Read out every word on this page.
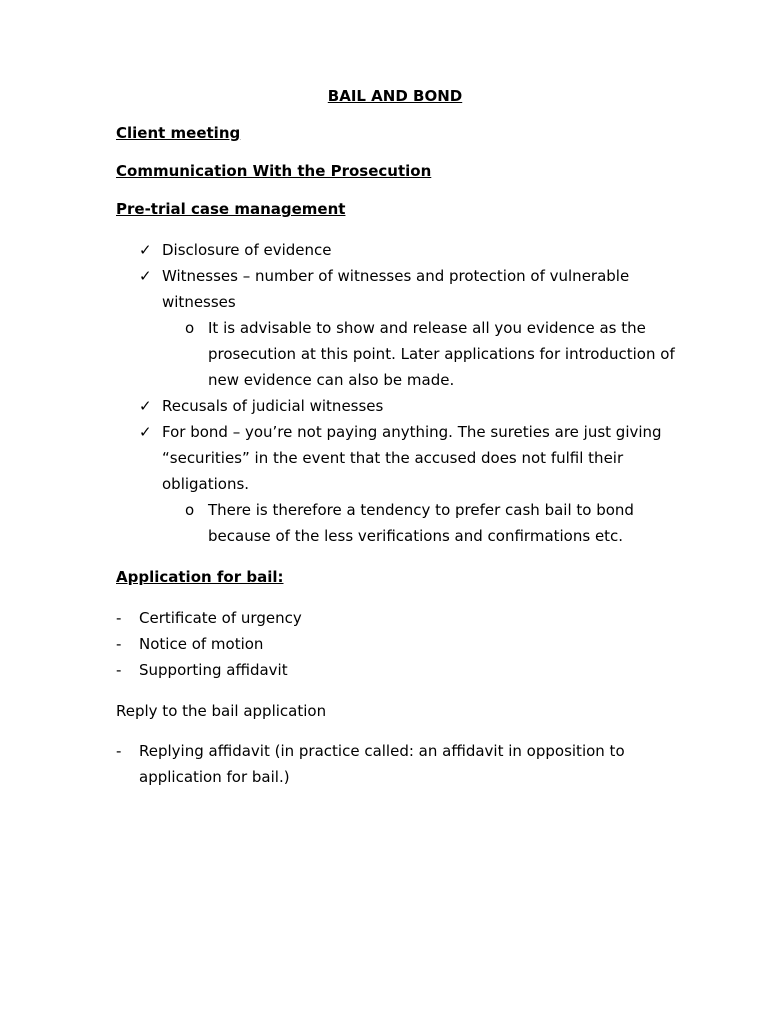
BAIL AND BOND
Client meeting
Communication With the Prosecution
Pre-trial case management
✓ Disclosure of evidence
✓ Witnesses – number of witnesses and protection of vulnerable witnesses
o It is advisable to show and release all you evidence as the prosecution at this point. Later applications for introduction of new evidence can also be made.
✓ Recusals of judicial witnesses
✓ For bond – you’re not paying anything. The sureties are just giving “securities” in the event that the accused does not fulfil their obligations.
o There is therefore a tendency to prefer cash bail to bond because of the less verifications and confirmations etc.
Application for bail:
- Certificate of urgency
- Notice of motion
- Supporting affidavit
Reply to the bail application
- Replying affidavit (in practice called: an affidavit in opposition to application for bail.)
